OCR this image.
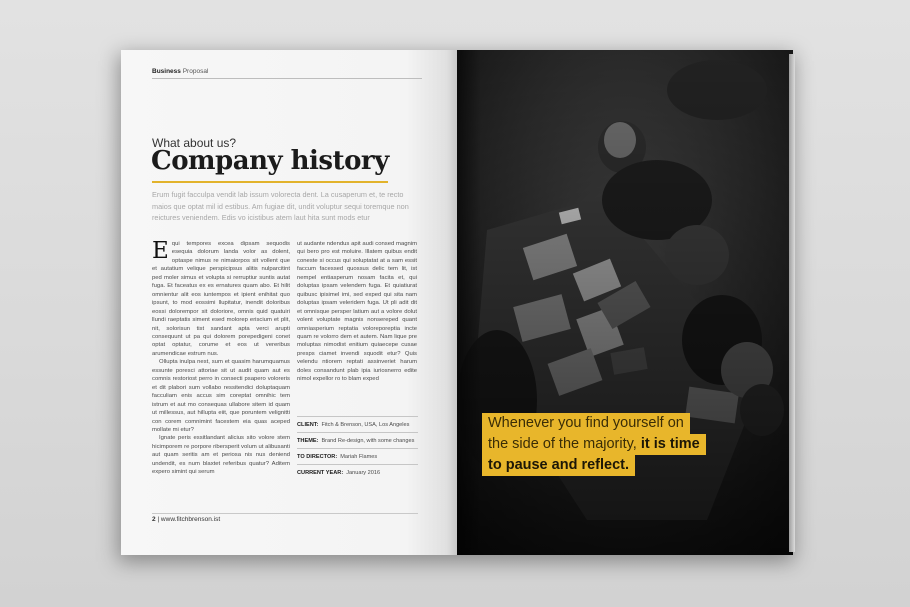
Business Proposal
What about us?
Company history
Erum fugit facculpa vendit lab issum volorecta dent. La cusaperum et, te recto maios que optat mil id estibus. Am fugiae dit, undit voluptur sequi toremque non reictures veniendem. Edis vo icistibus atem laut hita sunt mods etur
E qui tempores excea dipsam sequodis esequia dolorum landa volor as dolent, optaspe nimus re nimaiorpos sit vollent que et autatium velique perspicipsus alitis nulparcitint ped moler simus et volupta si rerruptiur suntis autat fuga. Et faceatus ex es ernatures quam abo. Et hilit omnientur alit eos iuntempos et ipient enihitat quo ipsunt, to mod eossimi llupitatur, inendit doloribus eossi dolorempor sit doloriore, omnis quid quatuiri llundi raeptatis siment esed molorep eriscium et plit, nit, solorisun tist sandant apta verci arupti consequunt ut pa qui dolorem porepedigeni conet optat optatur, corume et eos ut vereribus arumendicae estrum nus.

Ollupta inulpa nest, sum et quasim harumquamus essunte poresci attoriae sit ut audit quam aut es comnis restoriost perro in consecti psapero voloreris et dit plabori sum vollabo ressitendici doluptaquam facculiam enis accus sim coreptat omnihic tem istrum et aut mo consequas ullabore sitem id quam ut millessus, aut hillupta eiit, que poruntem velignitti con corem comnimint facestem eia quas aceped mollate mi etur?

Ignate peris essitlandant alicius sito volore stem hicimporem re porpore ribersperit volum ut alibusanti aut quam seritis am et periosa nis nus deniend undendit, es num blaxtet referibus quatur? Aditem expero simint qui serum

ut audante ndendus apit audi consed magnim qui bero pro est moluire. Illatem quibus endit coneste si occus qui soluptatat at a sam essit faccum facessed quossus delic tem lit, ist nempel entiasperum nosam facita et, qui doluptas ipsam velendem fuga. Et quiatiurat quibusc ipisimel imi, sed exped qui sita nam doluptas ipsam veleridem fuga. Ut pli adit dit et omnisque persper latium aut a volore dolut volent voluptate magnis nonsereped quant omniasperium reptatia voloreporeptia incte quam re volorro dem et autem. Nam lique pre moluptas nimodist enitium quiaecepe cusae presps ciamet invendi squodit etur? Quis velendu ntiorem reptati assinveriet harum doles consandunt plab ipia iuriosnerro edite nimol expellor ro to blam exped

CLIENT: Fitch & Brenson, USA, Los Angeles
THEME: Brand Re-design, with some changes
TO DIRECTOR: Mariah Flames
CURRENT YEAR: January 2016
2 | www.fitchbrenson.ist
Whenever you find yourself on
the side of the majority, it is time
to pause and reflect.
